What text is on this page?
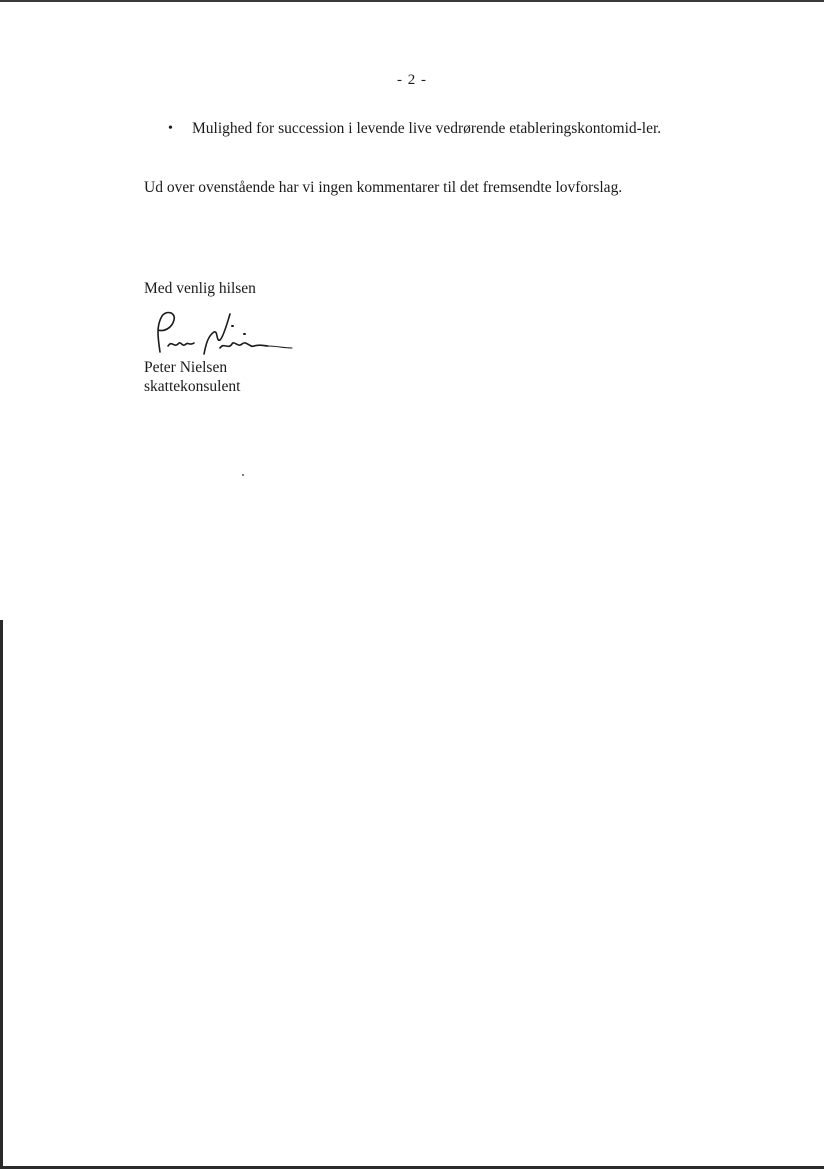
- 2 -
• Mulighed for succession i levende live vedrørende etableringskontomid-ler.
Ud over ovenstående har vi ingen kommentarer til det fremsendte lovforslag.
Med venlig hilsen
Peter Nielsen
skattekonsulent
